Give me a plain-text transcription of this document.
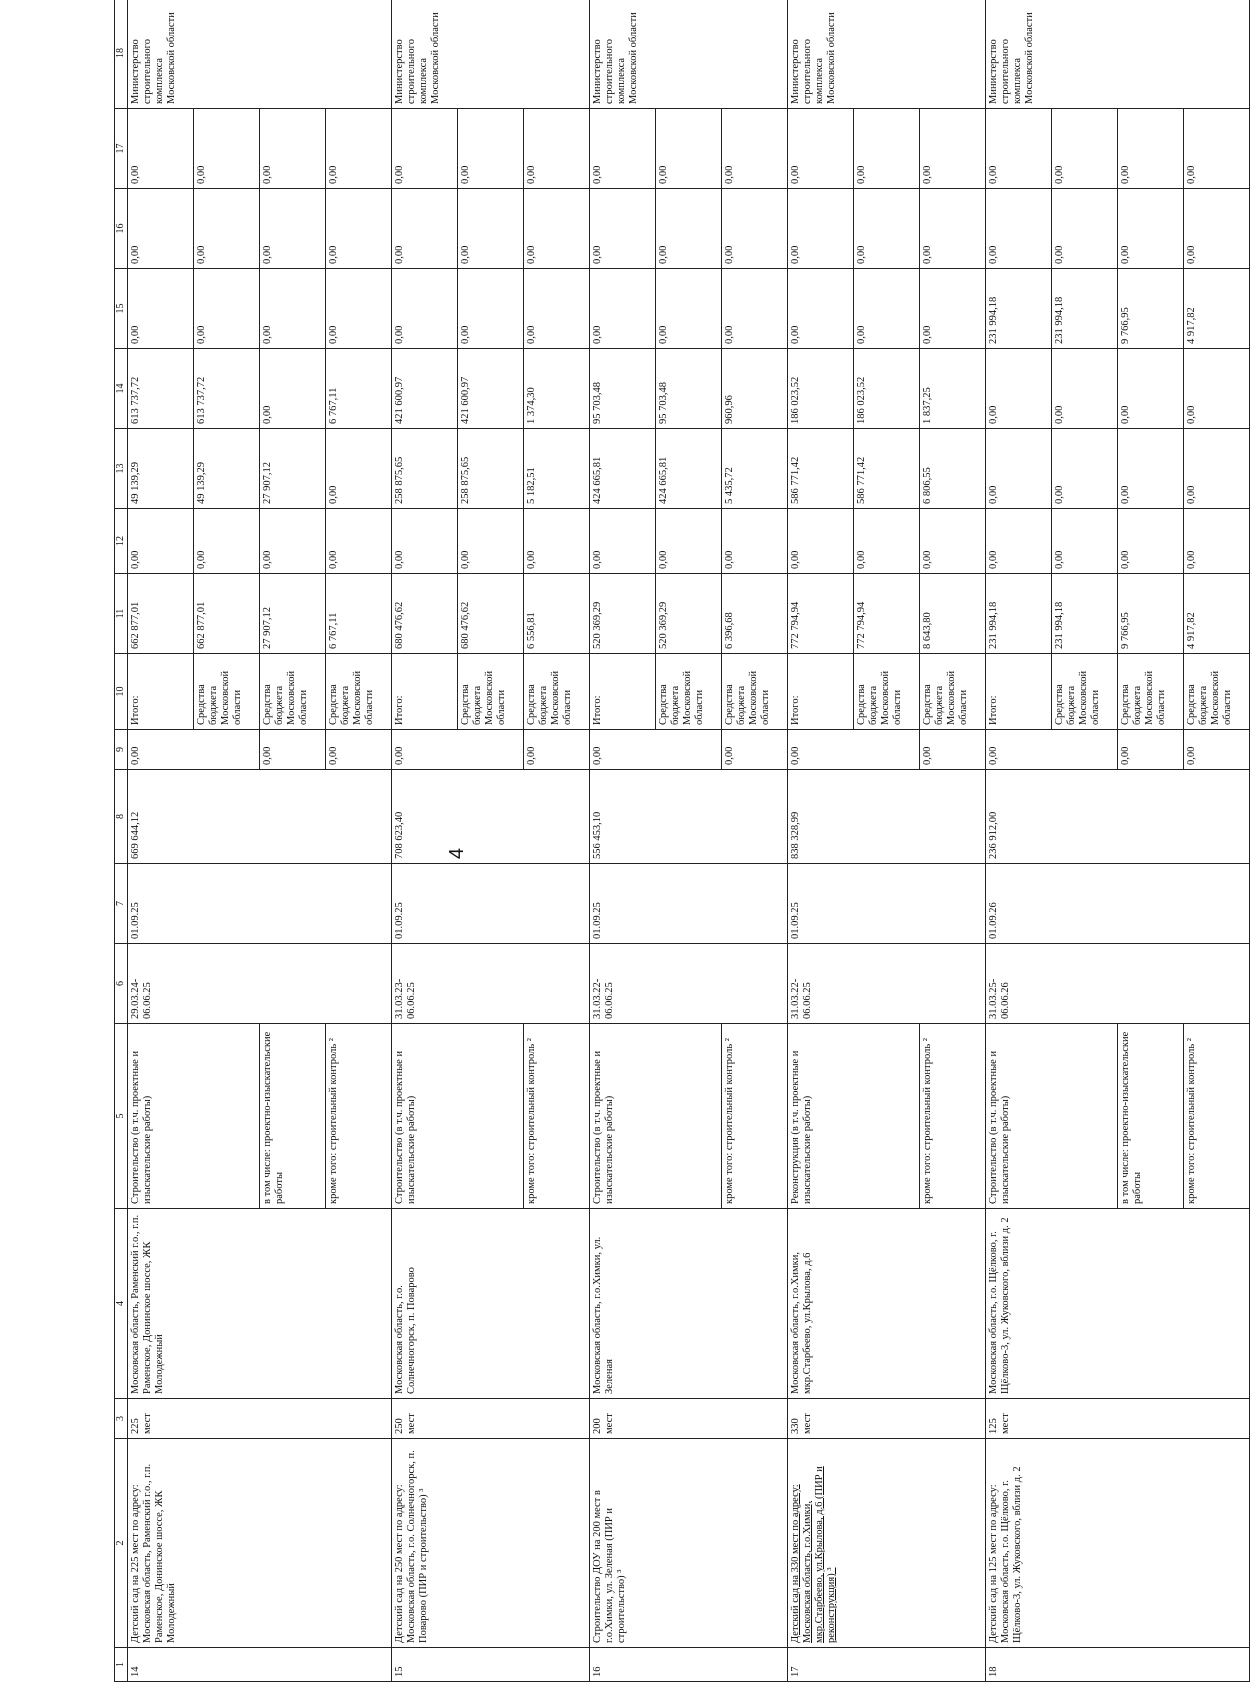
4
1	2	3	4	5	6	7	8	9	10	11	12	13	14	15	16	17	18
14	Детский сад на 225 мест по адресу: Московская область, Раменский г.о., г.п. Раменское, Донинское шоссе, ЖК Молодежный	225 мест	Московская область, Раменский г.о., г.п. Раменское, Донинское шоссе, ЖК Молодежный	Строительство (в т.ч. проектные и изыскательские работы)	29.03.24-06.06.25	01.09.25	669 644,12	0,00	Итого:	662 877,01	0,00	49 139,29	613 737,72	0,00	0,00	0,00	Министерство строительного комплекса Московской области
									Средства бюджета Московской области	662 877,01	0,00	49 139,29	613 737,72	0,00	0,00	0,00	
				в том числе: проектно-изыскательские работы				0,00	Средства бюджета Московской области	27 907,12	0,00	27 907,12	0,00	0,00	0,00	0,00	
				кроме того: строительный контроль ²				0,00	Средства бюджета Московской области	6 767,11	0,00	0,00	6 767,11	0,00	0,00	0,00	
15	Детский сад на 250 мест по адресу: Московская область, г.о. Солнечногорск, п. Поварово (ПИР и строительство) ³	250 мест	Московская область, г.о. Солнечногорск, п. Поварово	Строительство (в т.ч. проектные и изыскательские работы)	31.03.23-06.06.25	01.09.25	708 623,40	0,00	Итого:	680 476,62	0,00	258 875,65	421 600,97	0,00	0,00	0,00	Министерство строительного комплекса Московской области
									Средства бюджета Московской области	680 476,62	0,00	258 875,65	421 600,97	0,00	0,00	0,00	
				кроме того: строительный контроль ²				0,00	Средства бюджета Московской области	6 556,81	0,00	5 182,51	1 374,30	0,00	0,00	0,00	
16	Строительство ДОУ на 200 мест в г.о.Химки, ул. Зеленая (ПИР и строительство) ³	200 мест	Московская область, г.о.Химки, ул. Зеленая	Строительство (в т.ч. проектные и изыскательские работы)	31.03.22-06.06.25	01.09.25	556 453,10	0,00	Итого:	520 369,29	0,00	424 665,81	95 703,48	0,00	0,00	0,00	Министерство строительного комплекса Московской области
									Средства бюджета Московской области	520 369,29	0,00	424 665,81	95 703,48	0,00	0,00	0,00	
				кроме того: строительный контроль ²				0,00	Средства бюджета Московской области	6 396,68	0,00	5 435,72	960,96	0,00	0,00	0,00	
17	Детский сад на 330 мест по адресу: Московская область, г.о.Химки, мкр.Старбеево, ул.Крылова, д.6 (ПИР и реконструкция) ³	330 мест	Московская область, г.о.Химки, мкр.Старбеево, ул.Крылова, д.6	Реконструкция (в т.ч. проектные и изыскательские работы)	31.03.22-06.06.25	01.09.25	838 328,99	0,00	Итого:	772 794,94	0,00	586 771,42	186 023,52	0,00	0,00	0,00	Министерство строительного комплекса Московской области
									Средства бюджета Московской области	772 794,94	0,00	586 771,42	186 023,52	0,00	0,00	0,00	
				кроме того: строительный контроль ²				0,00	Средства бюджета Московской области	8 643,80	0,00	6 806,55	1 837,25	0,00	0,00	0,00	
18	Детский сад на 125 мест по адресу: Московская область, г.о. Щёлково, г. Щёлково-3, ул. Жуковского, вблизи д. 2	125 мест	Московская область, г.о. Щёлково, г. Щёлково-3, ул. Жуковского, вблизи д. 2	Строительство (в т.ч. проектные и изыскательские работы)	31.03.25-06.06.26	01.09.26	236 912,00	0,00	Итого:	231 994,18	0,00	0,00	0,00	231 994,18	0,00	0,00	Министерство строительного комплекса Московской области
									Средства бюджета Московской области	231 994,18	0,00	0,00	0,00	231 994,18	0,00	0,00	
				в том числе: проектно-изыскательские работы				0,00	Средства бюджета Московской области	9 766,95	0,00	0,00	0,00	9 766,95	0,00	0,00	
				кроме того: строительный контроль ²				0,00	Средства бюджета Московской области	4 917,82	0,00	0,00	0,00	4 917,82	0,00	0,00	
